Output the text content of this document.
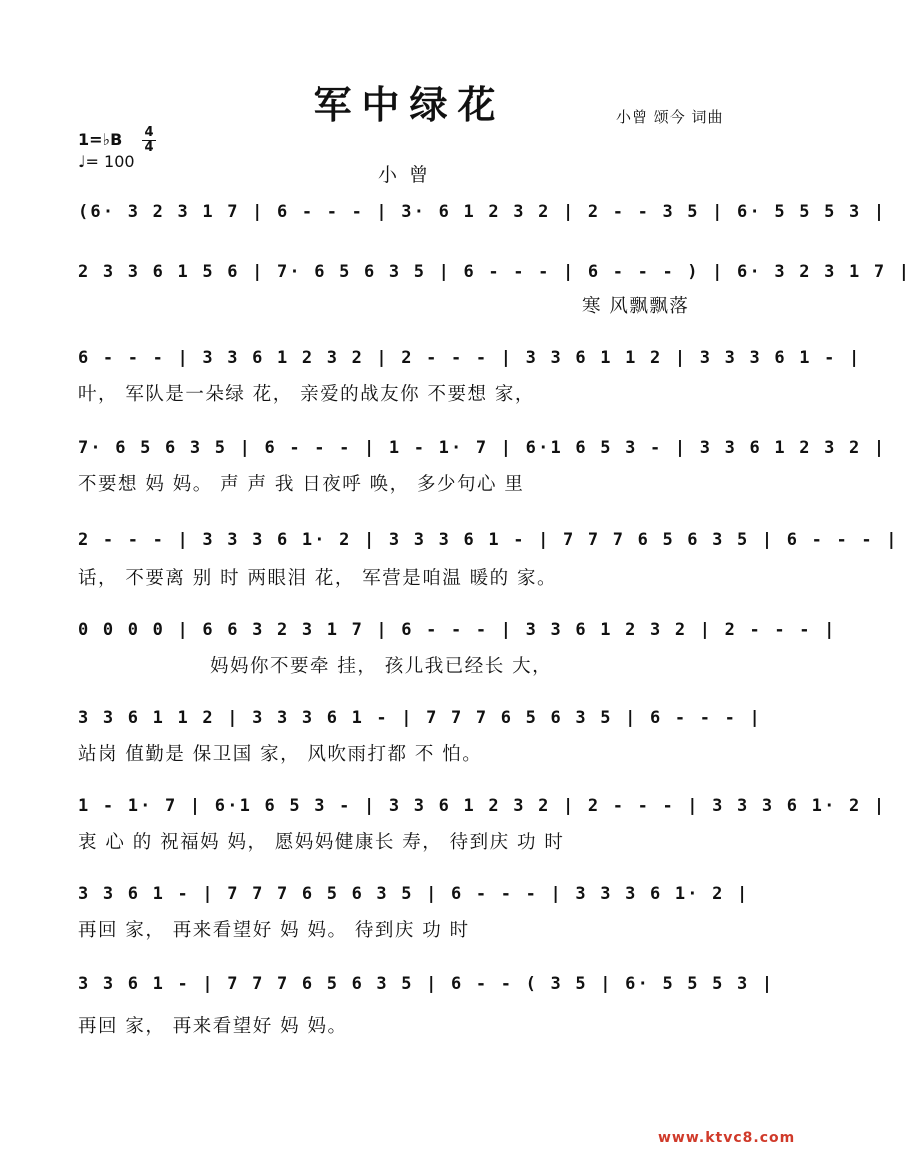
军中绿花	小曾 颂今 词曲
1=♭B 4
4
♩= 100
小曾
(6· 3 2 3 1 7 | 6 - - - | 3· 6 1 2 3 2 | 2 - - 3 5 | 6· 5 5 5 3 |
寒 风飘飘落
2 3 3 6 1 5 6 | 7· 6 5 6 3 5 | 6 - - - | 6 - - - ) | 6· 3 2 3 1 7 |
6 - - - | 3 3 6 1 2 3 2 | 2 - - - | 3 3 6 1 1 2 | 3 3 3 6 1 - |
叶， 军队是一朵绿 花， 亲爱的战友你 不要想 家，
7· 6 5 6 3 5 | 6 - - - | 1 - 1· 7 | 6·1 6 5 3 - | 3 3 6 1 2 3 2 |
不要想 妈 妈。 声 声 我 日夜呼 唤， 多少句心 里
2 - - - | 3 3 3 6 1· 2 | 3 3 3 6 1 - | 7 7 7 6 5 6 3 5 | 6 - - - |
话， 不要离 别 时 两眼泪 花， 军营是咱温 暖的 家。
0 0 0 0 | 6 6 3 2 3 1 7 | 6 - - - | 3 3 6 1 2 3 2 | 2 - - - |
妈妈你不要牵 挂， 孩儿我已经长 大，
3 3 6 1 1 2 | 3 3 3 6 1 - | 7 7 7 6 5 6 3 5 | 6 - - - |
站岗 值勤是 保卫国 家， 风吹雨打都 不 怕。
1 - 1· 7 | 6·1 6 5 3 - | 3 3 6 1 2 3 2 | 2 - - - | 3 3 3 6 1· 2 |
衷 心 的 祝福妈 妈， 愿妈妈健康长 寿， 待到庆 功 时
3 3 6 1 - | 7 7 7 6 5 6 3 5 | 6 - - - | 3 3 3 6 1· 2 |
再回 家， 再来看望好 妈 妈。 待到庆 功 时
3 3 6 1 - | 7 7 7 6 5 6 3 5 | 6 - - ( 3 5 | 6· 5 5 5 3 |
再回 家， 再来看望好 妈 妈。
www.ktvc8.com
